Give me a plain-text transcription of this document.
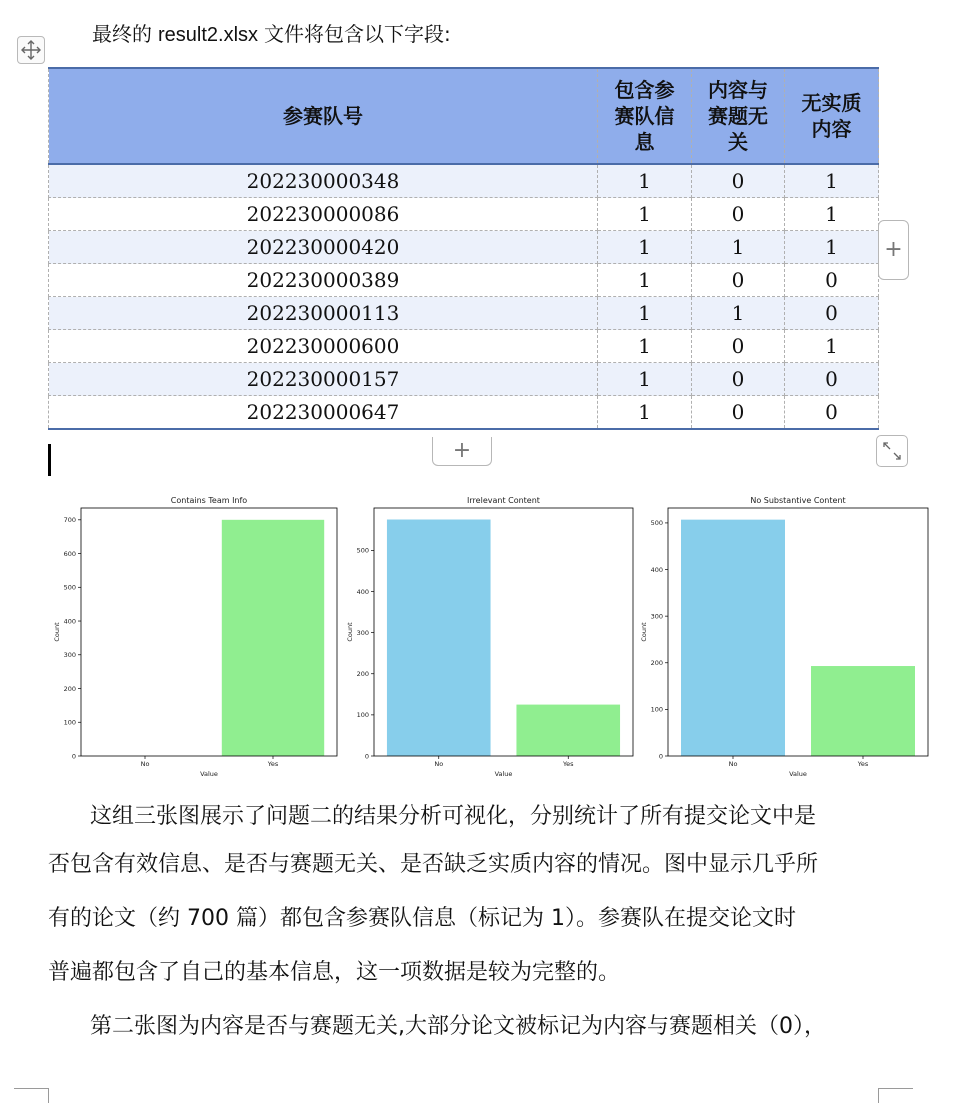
最终的 result2.xlsx 文件将包含以下字段:
参赛队号	包含参赛队信息	内容与赛题无关	无实质内容

202230000348	1	0	1
202230000086	1	0	1
202230000420	1	1	1
202230000389	1	0	0
202230000113	1	1	0
202230000600	1	0	1
202230000157	1	0	0
202230000647	1	0	0
+
+
Contains Team Info
No	Yes
0
100
200
300
400
500
600
700
Value
Count
Irrelevant Content
No	Yes
0
100
200
300
400
500
Value
Count
No Substantive Content
No	Yes
0
100
200
300
400
500
Value
Count
这组三张图展示了问题二的结果分析可视化，分别统计了所有提交论文中是
否包含有效信息、是否与赛题无关、是否缺乏实质内容的情况。图中显示几乎所
有的论文（约 700 篇）都包含参赛队信息（标记为 1）。参赛队在提交论文时
普遍都包含了自己的基本信息，这一项数据是较为完整的。
第二张图为内容是否与赛题无关,大部分论文被标记为内容与赛题相关（0），
